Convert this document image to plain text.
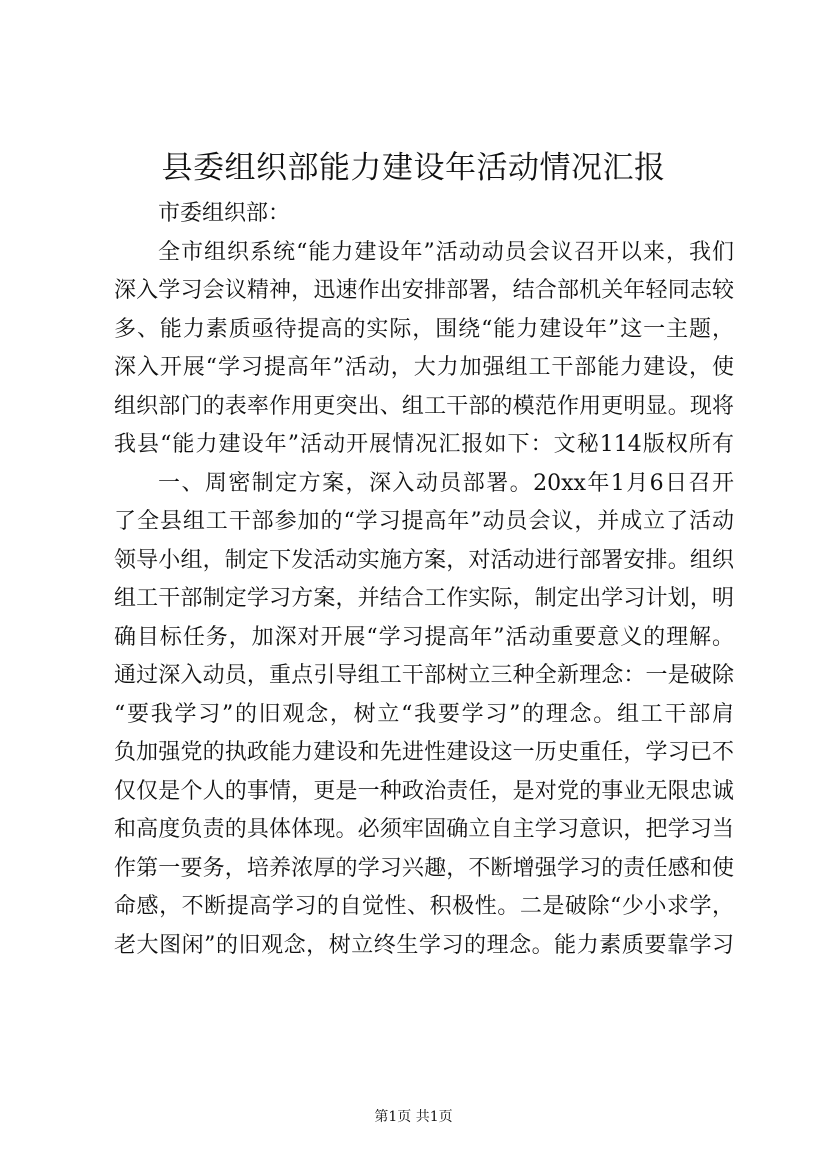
县委组织部能力建设年活动情况汇报
市委组织部：
全市组织系统“能力建设年”活动动员会议召开以来，我们
深入学习会议精神，迅速作出安排部署，结合部机关年轻同志较
多、能力素质亟待提高的实际，围绕“能力建设年”这一主题，
深入开展“学习提高年”活动，大力加强组工干部能力建设，使
组织部门的表率作用更突出、组工干部的模范作用更明显。现将
我县“能力建设年”活动开展情况汇报如下：文秘114版权所有
一、周密制定方案，深入动员部署。20xx年1月6日召开
了全县组工干部参加的“学习提高年”动员会议，并成立了活动
领导小组，制定下发活动实施方案，对活动进行部署安排。组织
组工干部制定学习方案，并结合工作实际，制定出学习计划，明
确目标任务，加深对开展“学习提高年”活动重要意义的理解。
通过深入动员，重点引导组工干部树立三种全新理念：一是破除
“要我学习”的旧观念，树立“我要学习”的理念。组工干部肩
负加强党的执政能力建设和先进性建设这一历史重任，学习已不
仅仅是个人的事情，更是一种政治责任，是对党的事业无限忠诚
和高度负责的具体体现。必须牢固确立自主学习意识，把学习当
作第一要务，培养浓厚的学习兴趣，不断增强学习的责任感和使
命感，不断提高学习的自觉性、积极性。二是破除“少小求学，
老大图闲”的旧观念，树立终生学习的理念。能力素质要靠学习
第1页 共1页
